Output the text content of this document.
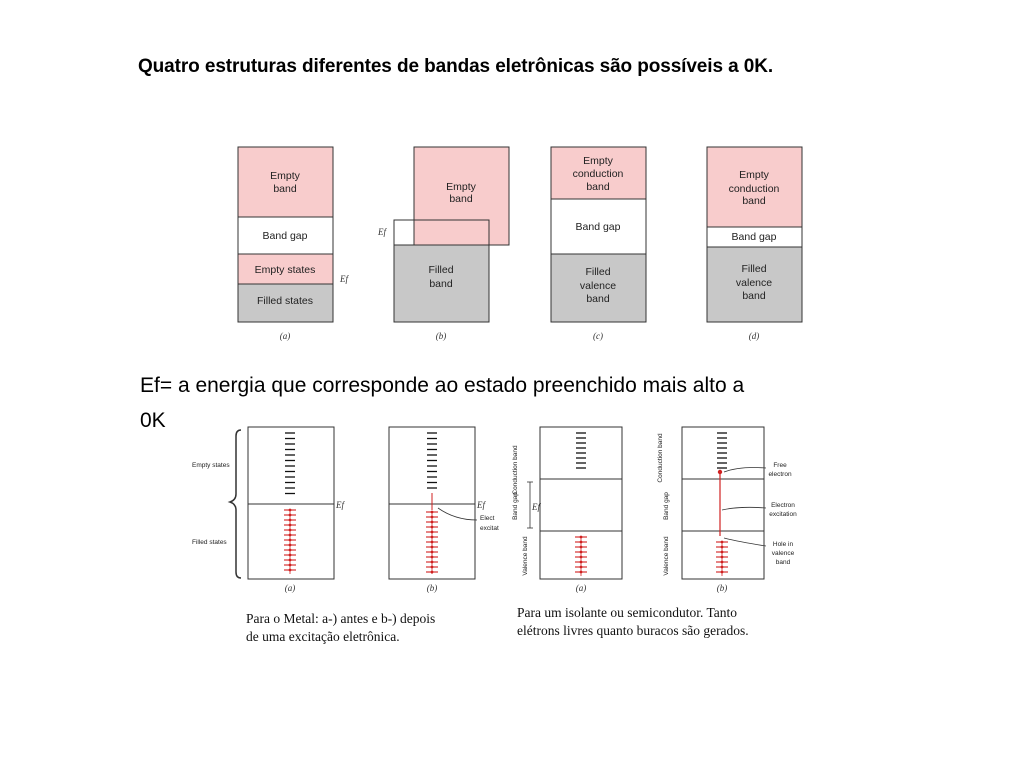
Quatro estruturas diferentes de bandas eletrônicas são possíveis a 0K.
Empty
band
Band gap
Empty states
Filled states
Ef
(a)
Empty
band
Filled
band
Ef
(b)
Empty
conduction
band
Band gap
Filled
valence
band
(c)
Empty
conduction
band
Band gap
Filled
valence
band
(d)
Empty states
Filled states
Ef
(a)
Ef
Elect
excitat
(b)
Conduction band
Band gap
Valence band
Ef
(a)
Conduction band
Band gap
Valence band
Free
electron
Electron
excitation
Hole in
valence
band
(b)
Ef= a energia que corresponde ao estado preenchido mais alto a
0K
Para o Metal: a-) antes e b-) depois
de uma excitação eletrônica.
Para um isolante ou semicondutor. Tanto
elétrons livres quanto buracos são gerados.
